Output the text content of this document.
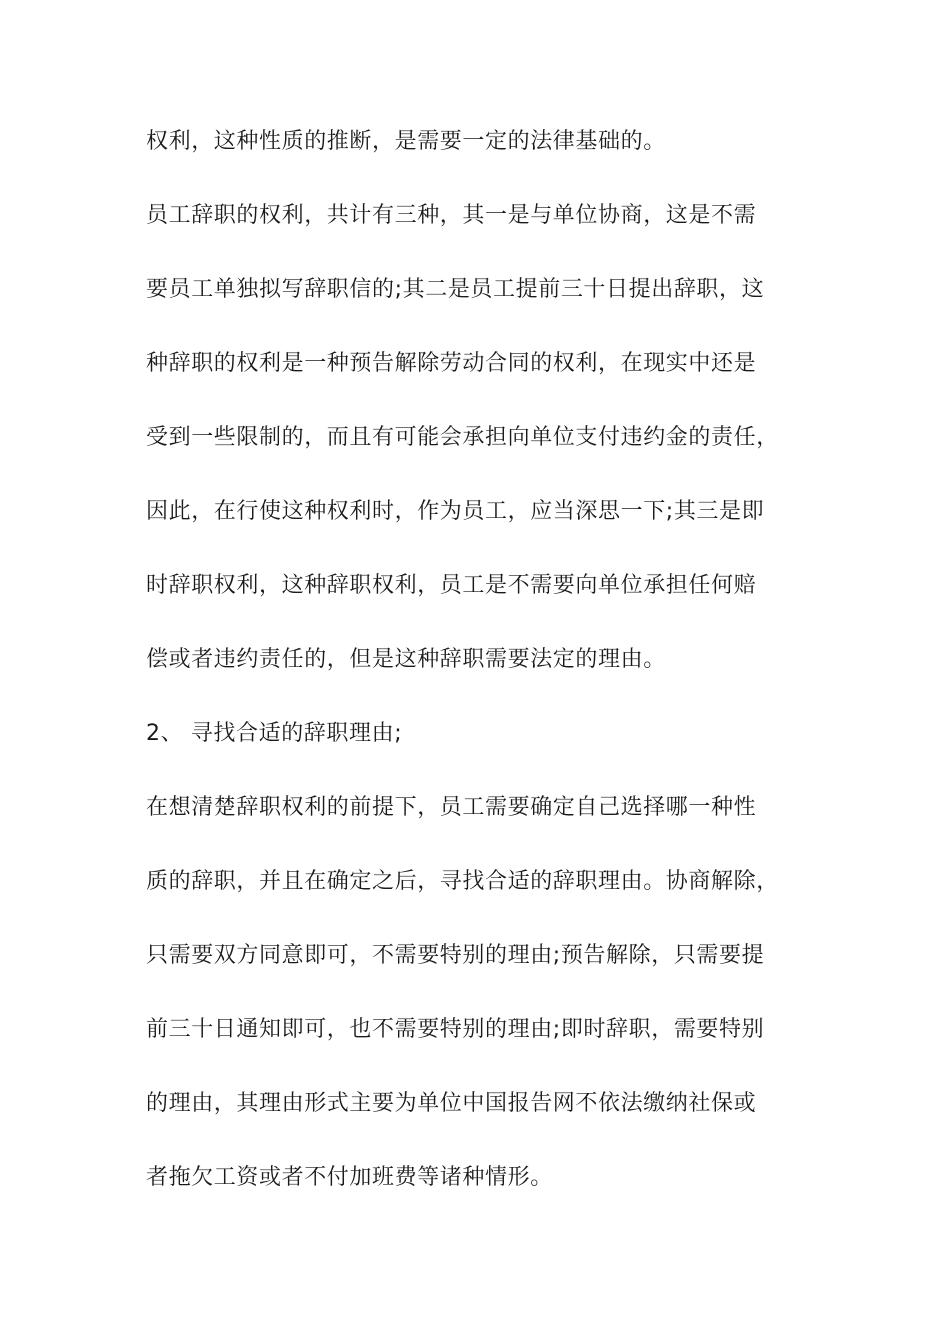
权利，这种性质的推断，是需要一定的法律基础的。

员工辞职的权利，共计有三种，其一是与单位协商，这是不需

要员工单独拟写辞职信的;其二是员工提前三十日提出辞职，这

种辞职的权利是一种预告解除劳动合同的权利，在现实中还是

受到一些限制的，而且有可能会承担向单位支付违约金的责任，

因此，在行使这种权利时，作为员工，应当深思一下;其三是即

时辞职权利，这种辞职权利，员工是不需要向单位承担任何赔

偿或者违约责任的，但是这种辞职需要法定的理由。

2、 寻找合适的辞职理由;

在想清楚辞职权利的前提下，员工需要确定自己选择哪一种性

质的辞职，并且在确定之后，寻找合适的辞职理由。协商解除，

只需要双方同意即可，不需要特别的理由;预告解除，只需要提

前三十日通知即可，也不需要特别的理由;即时辞职，需要特别

的理由，其理由形式主要为单位中国报告网不依法缴纳社保或

者拖欠工资或者不付加班费等诸种情形。
